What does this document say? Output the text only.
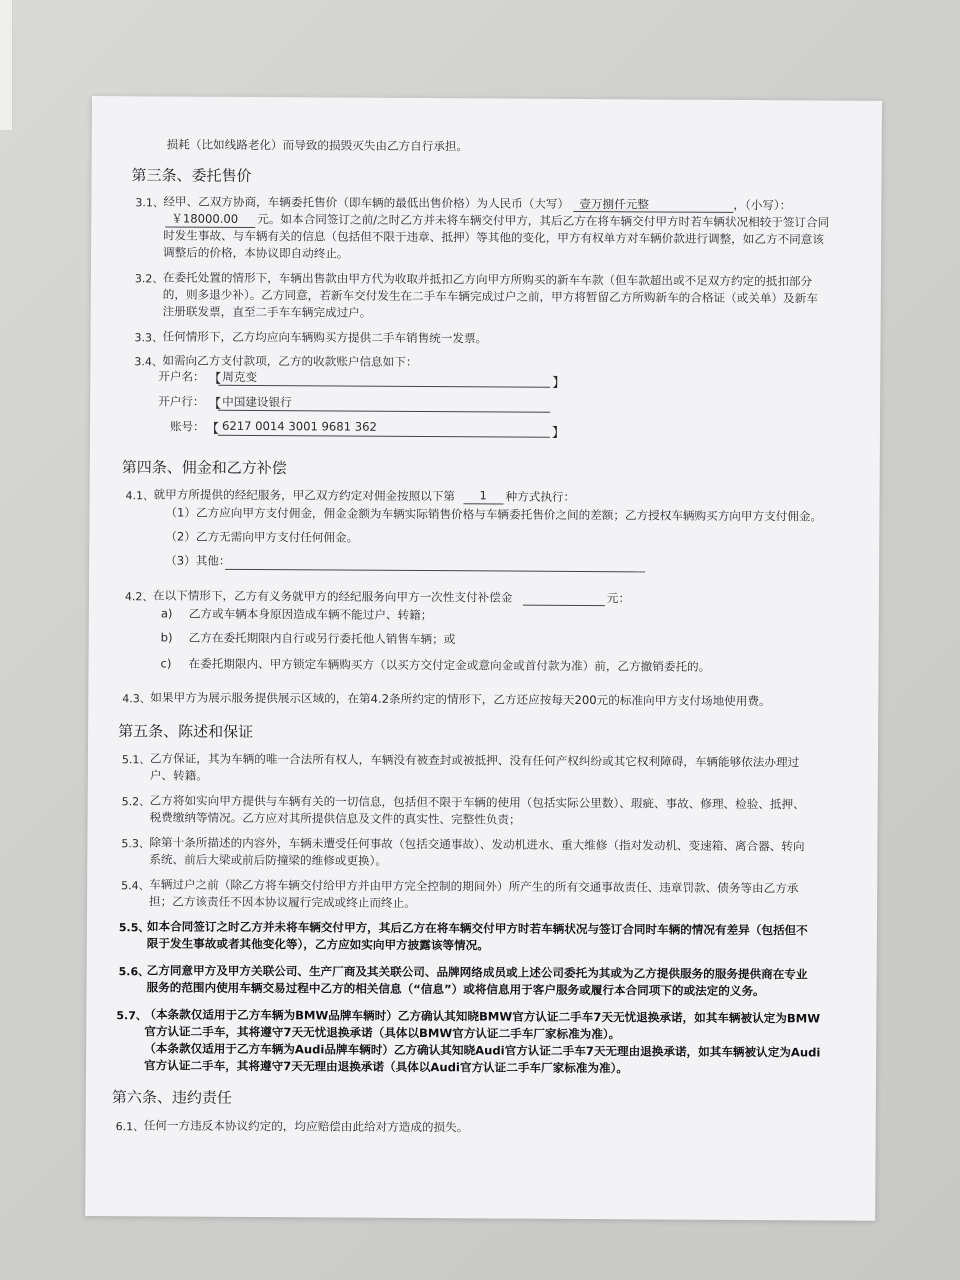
损耗（比如线路老化）而导致的损毁灭失由乙方自行承担。
第三条、委托售价
3.1、 经甲、乙双方协商，车辆委托售价（即车辆的最低出售价格）为人民币（大写） 壹万捌仟元整	，（小写）：
￥18000.00 元。如本合同签订之前/之时乙方并未将车辆交付甲方，其后乙方在将车辆交付甲方时若车辆状况相较于签订合同
时发生事故、与车辆有关的信息（包括但不限于违章、抵押）等其他的变化，甲方有权单方对车辆价款进行调整，如乙方不同意该
调整后的价格，本协议即自动终止。
3.2、 在委托处置的情形下，车辆出售款由甲方代为收取并抵扣乙方向甲方所购买的新车车款（但车款超出或不足双方约定的抵扣部分
的，则多退少补）。乙方同意，若新车交付发生在二手车车辆完成过户之前，甲方将暂留乙方所购新车的合格证（或关单）及新车
注册联发票，直至二手车车辆完成过户。
3.3、 任何情形下，乙方均应向车辆购买方提供二手车销售统一发票。
3.4、 如需向乙方支付款项，乙方的收款账户信息如下：
开户名： 【 周克变	】
开户行： 【 中国建设银行
账号： 【 6217 0014 3001 9681 362	】
第四条、佣金和乙方补偿
4.1、 就甲方所提供的经纪服务，甲乙双方约定对佣金按照以下第 1 种方式执行：
（1）乙方应向甲方支付佣金，佣金金额为车辆实际销售价格与车辆委托售价之间的差额；乙方授权车辆购买方向甲方支付佣金。
（2）乙方无需向甲方支付任何佣金。
（3）其他：
4.2、 在以下情形下，乙方有义务就甲方的经纪服务向甲方一次性支付补偿金	元：
a) 乙方或车辆本身原因造成车辆不能过户、转籍；
b) 乙方在委托期限内自行或另行委托他人销售车辆；或
c) 在委托期限内、甲方锁定车辆购买方（以买方交付定金或意向金或首付款为准）前，乙方撤销委托的。
4.3、 如果甲方为展示服务提供展示区域的，在第4.2条所约定的情形下，乙方还应按每天200元的标准向甲方支付场地使用费。
第五条、陈述和保证
5.1、 乙方保证，其为车辆的唯一合法所有权人，车辆没有被查封或被抵押、没有任何产权纠纷或其它权利障碍，车辆能够依法办理过
户、转籍。
5.2、 乙方将如实向甲方提供与车辆有关的一切信息，包括但不限于车辆的使用（包括实际公里数）、瑕疵、事故、修理、检验、抵押、
税费缴纳等情况。乙方应对其所提供信息及文件的真实性、完整性负责；
5.3、 除第十条所描述的内容外，车辆未遭受任何事故（包括交通事故）、发动机进水、重大维修（指对发动机、变速箱、离合器、转向
系统、前后大梁或前后防撞梁的维修或更换）。
5.4、 车辆过户之前（除乙方将车辆交付给甲方并由甲方完全控制的期间外）所产生的所有交通事故责任、违章罚款、债务等由乙方承
担；乙方该责任不因本协议履行完成或终止而终止。
5.5、
如本合同签订之时乙方并未将车辆交付甲方，其后乙方在将车辆交付甲方时若车辆状况与签订合同时车辆的情况有差异（包括但不
限于发生事故或者其他变化等），乙方应如实向甲方披露该等情况。
5.6、
乙方同意甲方及甲方关联公司、生产厂商及其关联公司、品牌网络成员或上述公司委托为其或为乙方提供服务的服务提供商在专业
服务的范围内使用车辆交易过程中乙方的相关信息（“信息”）或将信息用于客户服务或履行本合同项下的或法定的义务。
5.7、
（本条款仅适用于乙方车辆为BMW品牌车辆时）乙方确认其知晓BMW官方认证二手车7天无忧退换承诺，如其车辆被认定为BMW
官方认证二手车，其将遵守7天无忧退换承诺（具体以BMW官方认证二手车厂家标准为准）。
（本条款仅适用于乙方车辆为Audi品牌车辆时）乙方确认其知晓Audi官方认证二手车7天无理由退换承诺，如其车辆被认定为Audi
官方认证二手车，其将遵守7天无理由退换承诺（具体以Audi官方认证二手车厂家标准为准）。
第六条、违约责任
6.1、 任何一方违反本协议约定的，均应赔偿由此给对方造成的损失。
